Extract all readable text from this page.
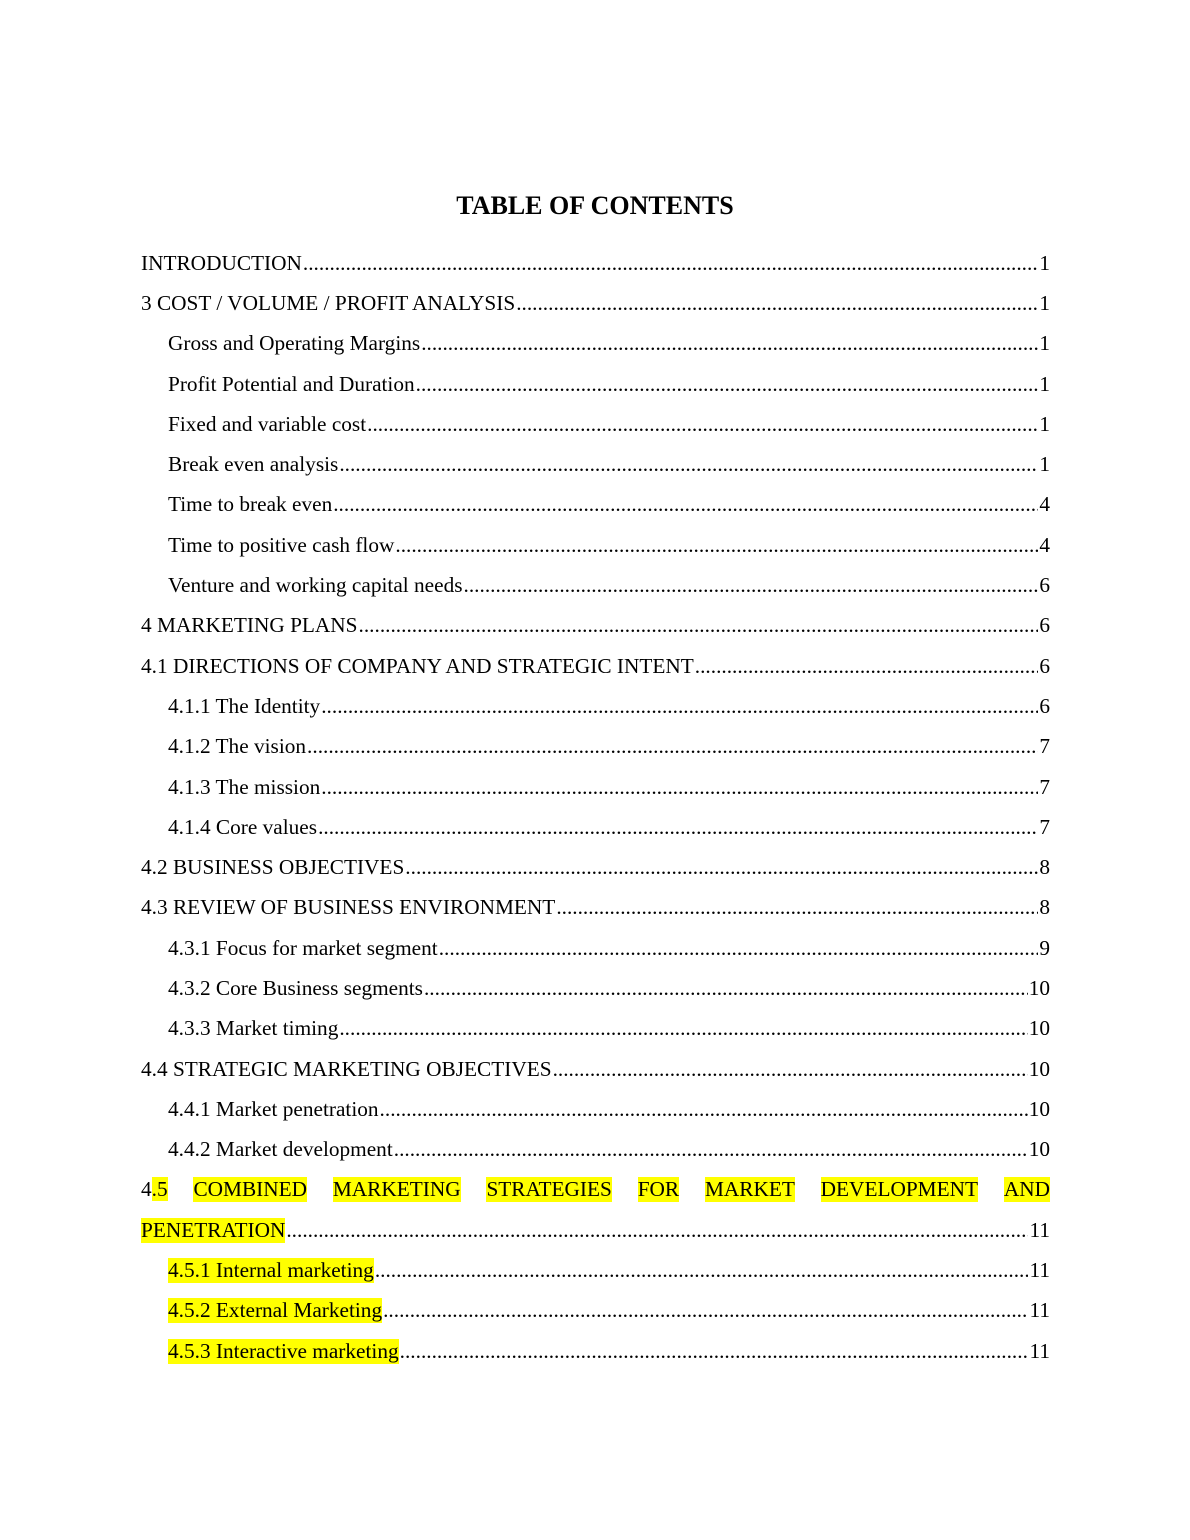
TABLE OF CONTENTS
INTRODUCTION .....	1
3 COST / VOLUME / PROFIT ANALYSIS .....	1
Gross and Operating Margins .....	1
Profit Potential and Duration .....	1
Fixed and variable cost .....	1
Break even analysis .....	1
Time to break even .....	4
Time to positive cash flow .....	4
Venture and working capital needs .....	6
4 MARKETING PLANS .....	6
4.1 DIRECTIONS OF COMPANY AND STRATEGIC INTENT .....	6
4.1.1 The Identity .....	6
4.1.2 The vision .....	7
4.1.3 The mission .....	7
4.1.4 Core values .....	7
4.2 BUSINESS OBJECTIVES .....	8
4.3 REVIEW OF BUSINESS ENVIRONMENT .....	8
4.3.1 Focus for market segment .....	9
4.3.2 Core Business segments .....	10
4.3.3 Market timing .....	10
4.4 STRATEGIC MARKETING OBJECTIVES .....	10
4.4.1 Market penetration .....	10
4.4.2 Market development .....	10
4.5 COMBINED MARKETING STRATEGIES FOR MARKET DEVELOPMENT AND
PENETRATION .....	11
4.5.1 Internal marketing .....	11
4.5.2 External Marketing .....	11
4.5.3 Interactive marketing .....	11
